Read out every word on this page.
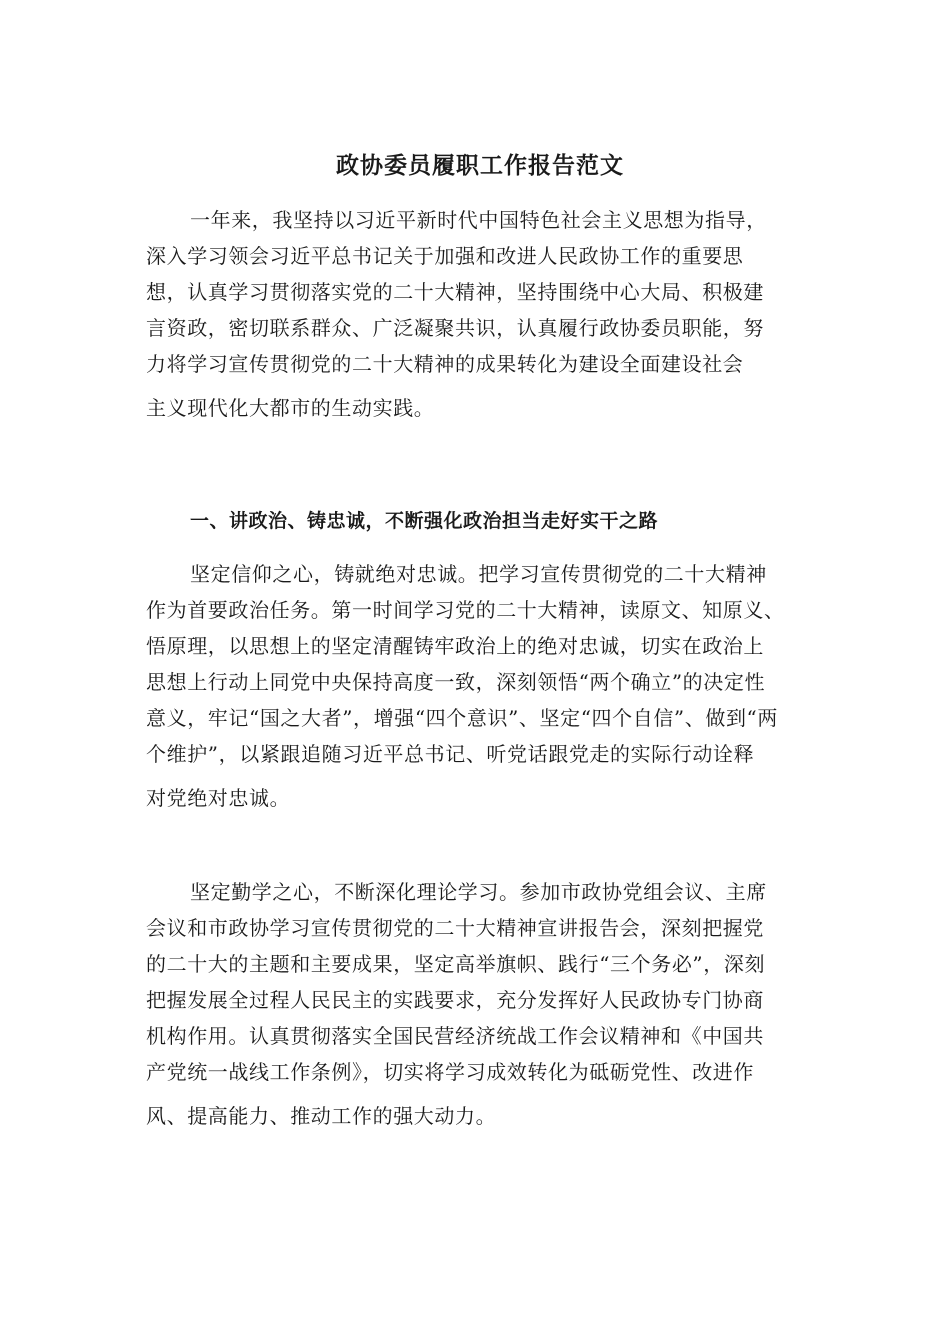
政协委员履职工作报告范文

一年来，我坚持以习近平新时代中国特色社会主义思想为指导，
深入学习领会习近平总书记关于加强和改进人民政协工作的重要思
想，认真学习贯彻落实党的二十大精神，坚持围绕中心大局、积极建
言资政，密切联系群众、广泛凝聚共识，认真履行政协委员职能，努
力将学习宣传贯彻党的二十大精神的成果转化为建设全面建设社会
主义现代化大都市的生动实践。

一、讲政治、铸忠诚，不断强化政治担当走好实干之路

坚定信仰之心，铸就绝对忠诚。把学习宣传贯彻党的二十大精神
作为首要政治任务。第一时间学习党的二十大精神，读原文、知原义、
悟原理，以思想上的坚定清醒铸牢政治上的绝对忠诚，切实在政治上
思想上行动上同党中央保持高度一致，深刻领悟“两个确立”的决定性
意义，牢记“国之大者”，增强“四个意识”、坚定“四个自信”、做到“两
个维护”，以紧跟追随习近平总书记、听党话跟党走的实际行动诠释
对党绝对忠诚。

坚定勤学之心，不断深化理论学习。参加市政协党组会议、主席
会议和市政协学习宣传贯彻党的二十大精神宣讲报告会，深刻把握党
的二十大的主题和主要成果，坚定高举旗帜、践行“三个务必”，深刻
把握发展全过程人民民主的实践要求，充分发挥好人民政协专门协商
机构作用。认真贯彻落实全国民营经济统战工作会议精神和《中国共
产党统一战线工作条例》，切实将学习成效转化为砥砺党性、改进作
风、提高能力、推动工作的强大动力。
